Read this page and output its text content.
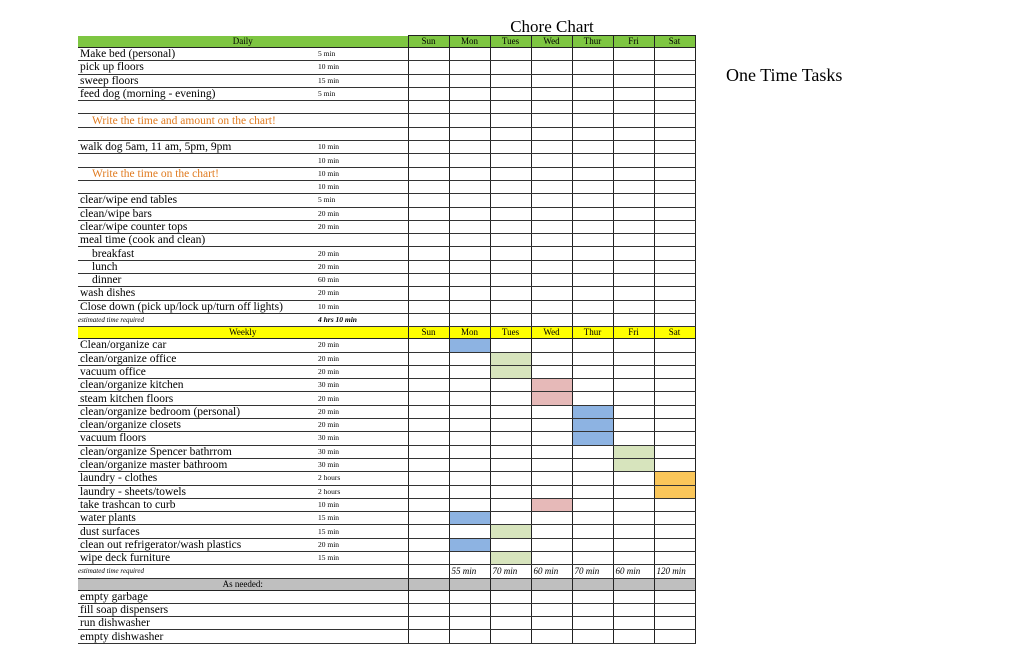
Chore Chart
One Time Tasks
Daily		Sun	Mon	Tues	Wed	Thur	Fri	Sat
Make bed (personal)	5 min							
pick up floors	10 min							
sweep floors	15 min							
feed dog (morning - evening)	5 min							

Write the time and amount on the chart!								

walk dog 5am, 11 am, 5pm, 9pm	10 min							
	10 min							
Write the time on the chart!	10 min							
	10 min							
clear/wipe end tables	5 min							
clean/wipe bars	20 min							
clear/wipe counter tops	20 min							
meal time (cook and clean)								
breakfast	20 min							
lunch	20 min							
dinner	60 min							
wash dishes	20 min							
Close down (pick up/lock up/turn off lights)	10 min							
estimated time required	4 hrs 10 min							
Weekly		Sun	Mon	Tues	Wed	Thur	Fri	Sat
Clean/organize car	20 min							
clean/organize office	20 min							
vacuum office	20 min							
clean/organize kitchen	30 min							
steam kitchen floors	20 min							
clean/organize bedroom (personal)	20 min							
clean/organize closets	20 min							
vacuum floors	30 min							
clean/organize Spencer bathrrom	30 min							
clean/organize master bathroom	30 min							
laundry - clothes	2 hours							
laundry - sheets/towels	2 hours							
take trashcan to curb	10 min							
water plants	15 min							
dust surfaces	15 min							
clean out refrigerator/wash plastics	20 min							
wipe deck furniture	15 min							
estimated time required			55 min	70 min	60 min	70 min	60 min	120 min
As needed:								
empty garbage								
fill soap dispensers								
run dishwasher								
empty dishwasher								
